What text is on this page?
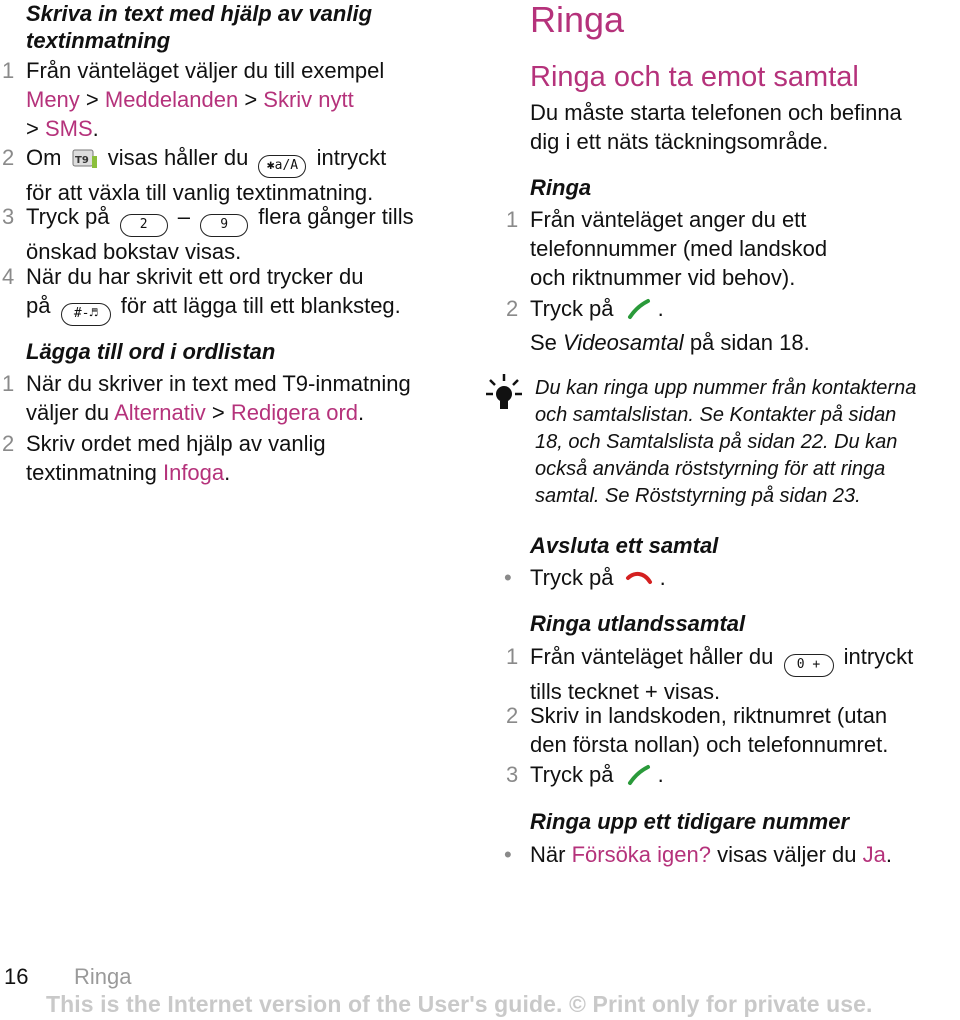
Skriva in text med hjälp av vanlig
textinmatning

1 Från vänteläget väljer du till exempel
Meny > Meddelanden > Skriv nytt
> SMS.
2 Om T9 visas håller du ✱a/A intryckt
för att växla till vanlig textinmatning.
3 Tryck på 2 – 9 flera gånger tills
önskad bokstav visas.
4 När du har skrivit ett ord trycker du
på #-♬ för att lägga till ett blanksteg.

Lägga till ord i ordlistan

1 När du skriver in text med T9-inmatning
väljer du Alternativ > Redigera ord.
2 Skriv ordet med hjälp av vanlig
textinmatning Infoga.

Ringa

Ringa och ta emot samtal

Du måste starta telefonen och befinna
dig i ett näts täckningsområde.

Ringa

1 Från vänteläget anger du ett
telefonnummer (med landskod
och riktnummer vid behov).
2 Tryck på .
Se Videosamtal på sidan 18.
Du kan ringa upp nummer från kontakterna
och samtalslistan. Se Kontakter på sidan
18, och Samtalslista på sidan 22. Du kan
också använda röststyrning för att ringa
samtal. Se Röststyrning på sidan 23.

Avsluta ett samtal

• Tryck på .

Ringa utlandssamtal

1 Från vänteläget håller du 0 + intryckt
tills tecknet + visas.
2 Skriv in landskoden, riktnumret (utan
den första nollan) och telefonnumret.
3 Tryck på .

Ringa upp ett tidigare nummer

• När Försöka igen? visas väljer du Ja.
16 Ringa
This is the Internet version of the User's guide. © Print only for private use.
